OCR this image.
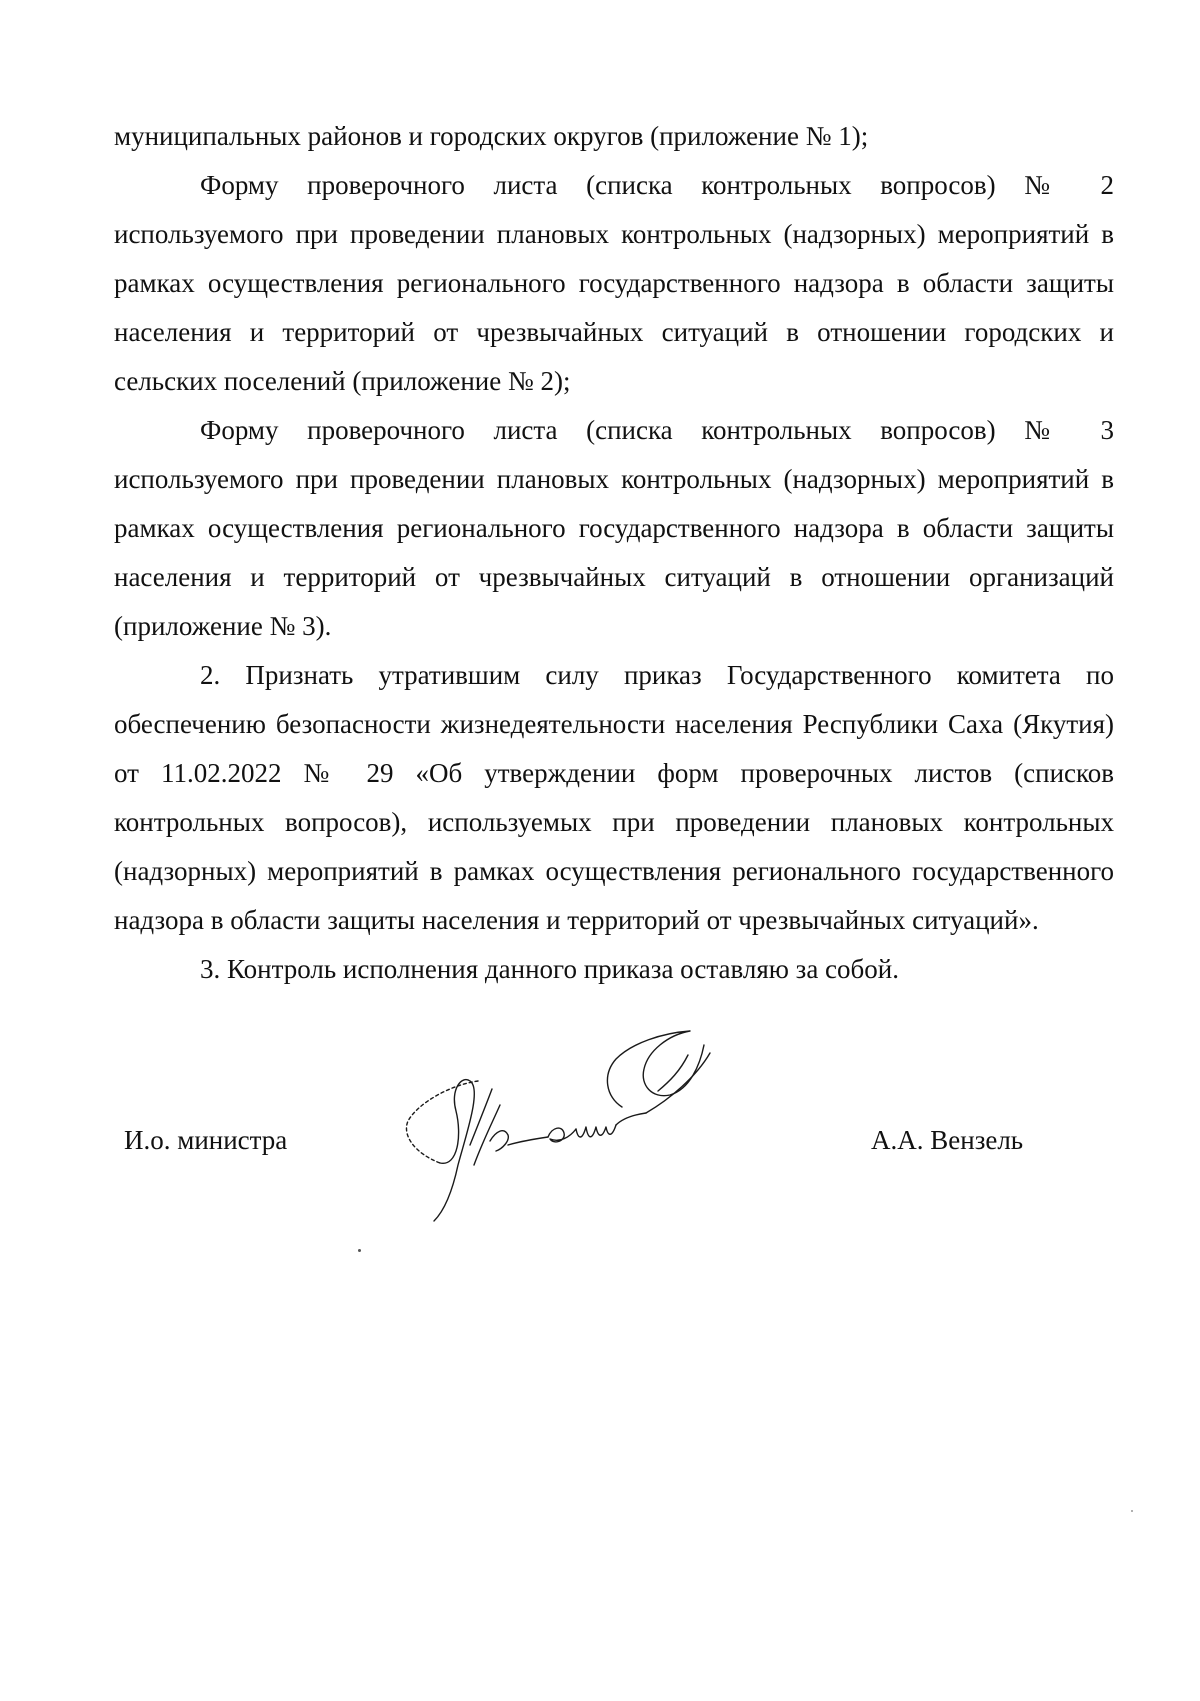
муниципальных районов и городских округов (приложение № 1);

Форму проверочного листа (списка контрольных вопросов) № 2 используемого при проведении плановых контрольных (надзорных) мероприятий в рамках осуществления регионального государственного надзора в области защиты населения и территорий от чрезвычайных ситуаций в отношении городских и сельских поселений (приложение № 2);

Форму проверочного листа (списка контрольных вопросов) № 3 используемого при проведении плановых контрольных (надзорных) мероприятий в рамках осуществления регионального государственного надзора в области защиты населения и территорий от чрезвычайных ситуаций в отношении организаций (приложение № 3).

2. Признать утратившим силу приказ Государственного комитета по обеспечению безопасности жизнедеятельности населения Республики Саха (Якутия) от 11.02.2022 № 29 «Об утверждении форм проверочных листов (списков контрольных вопросов), используемых при проведении плановых контрольных (надзорных) мероприятий в рамках осуществления регионального государственного надзора в области защиты населения и территорий от чрезвычайных ситуаций».

3. Контроль исполнения данного приказа оставляю за собой.

И.о. министра	А.А. Вензель
